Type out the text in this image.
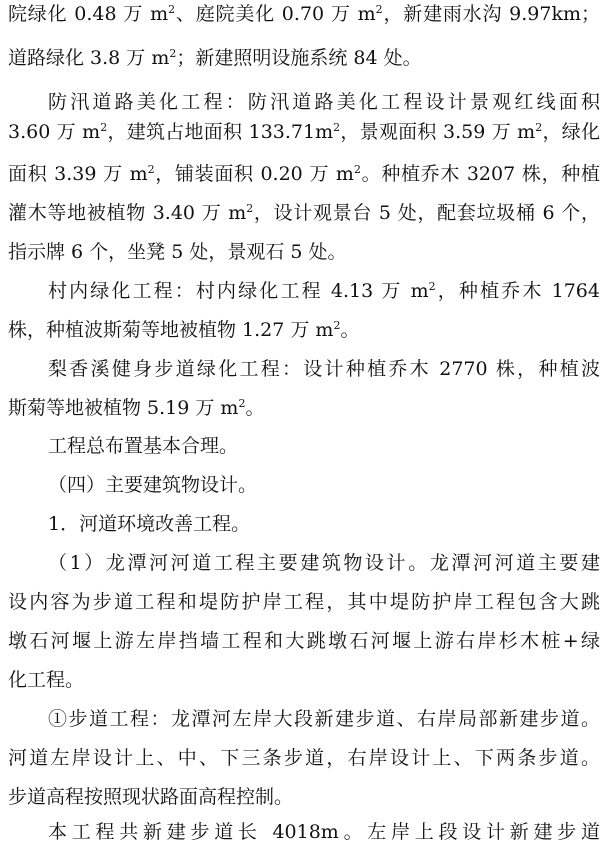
院绿化 0.48 万 $m^2$、庭院美化 0.70 万 $m^2$，新建雨水沟 9.97km；
道路绿化 3.8 万 $m^2$；新建照明设施系统 84 处。
防汛道路美化工程：防汛道路美化工程设计景观红线面积
3.60 万 $m^2$，建筑占地面积 $133.71m^2$，景观面积 3.59 万 $m^2$，绿化
面积 3.39 万 $m^2$，铺装面积 0.20 万 $m^2$。种植乔木 3207 株，种植
灌木等地被植物 3.40 万 $m^2$，设计观景台 5 处，配套垃圾桶 6 个，
指示牌 6 个，坐凳 5 处，景观石 5 处。
村内绿化工程：村内绿化工程 4.13 万 $m^2$，种植乔木 1764
株，种植波斯菊等地被植物 1.27 万 $m^2$。
梨香溪健身步道绿化工程：设计种植乔木 2770 株，种植波
斯菊等地被植物 5.19 万 $m^2$。
工程总布置基本合理。
（四）主要建筑物设计。
1．河道环境改善工程。
（1）龙潭河河道工程主要建筑物设计。龙潭河河道主要建
设内容为步道工程和堤防护岸工程，其中堤防护岸工程包含大跳
墩石河堰上游左岸挡墙工程和大跳墩石河堰上游右岸杉木桩+绿
化工程。
①步道工程：龙潭河左岸大段新建步道、右岸局部新建步道。
河道左岸设计上、中、下三条步道，右岸设计上、下两条步道。
步道高程按照现状路面高程控制。
本工程共新建步道长 4018m。左岸上段设计新建步道
